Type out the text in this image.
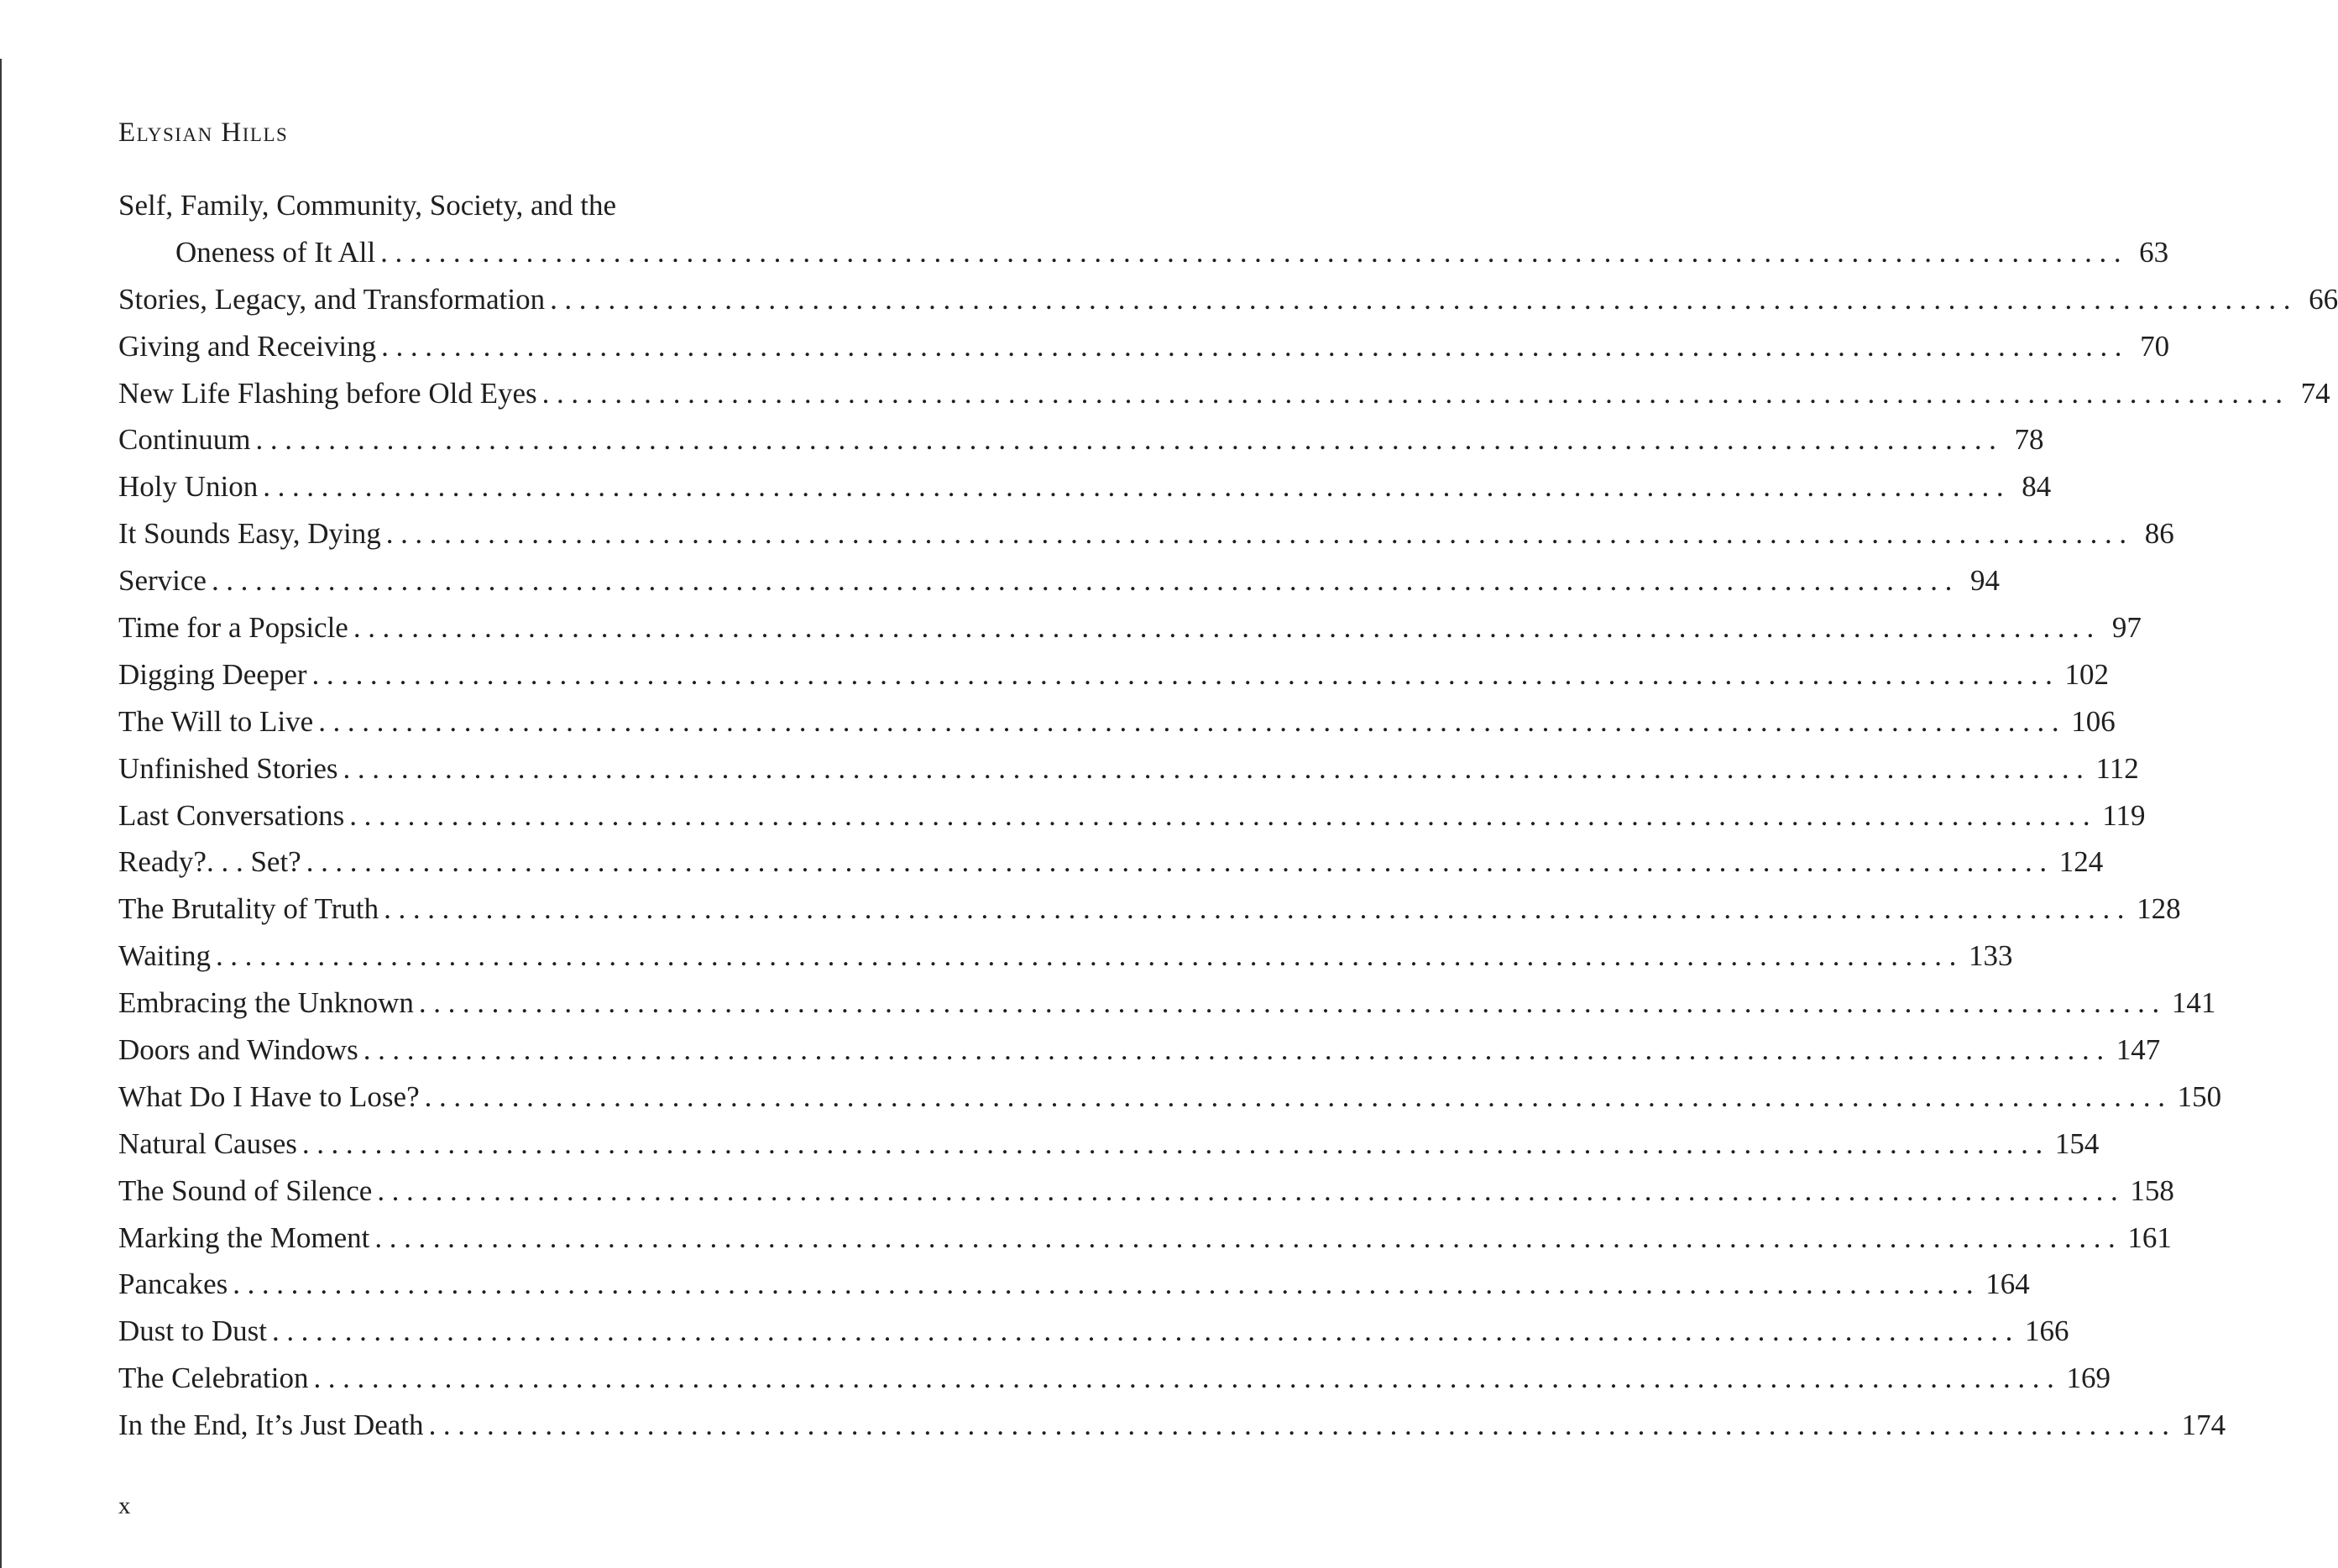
Elysian Hills
Self, Family, Community, Society, and the
Oneness of It All ........................................................................................................................ 63
Stories, Legacy, and Transformation ........................................................................................................................ 66
Giving and Receiving ........................................................................................................................ 70
New Life Flashing before Old Eyes ........................................................................................................................ 74
Continuum ........................................................................................................................ 78
Holy Union ........................................................................................................................ 84
It Sounds Easy, Dying ........................................................................................................................ 86
Service ........................................................................................................................ 94
Time for a Popsicle ........................................................................................................................ 97
Digging Deeper ........................................................................................................................ 102
The Will to Live ........................................................................................................................ 106
Unfinished Stories ........................................................................................................................ 112
Last Conversations ........................................................................................................................ 119
Ready?. . . Set? ........................................................................................................................ 124
The Brutality of Truth ........................................................................................................................ 128
Waiting ........................................................................................................................ 133
Embracing the Unknown ........................................................................................................................ 141
Doors and Windows ........................................................................................................................ 147
What Do I Have to Lose? ........................................................................................................................ 150
Natural Causes ........................................................................................................................ 154
The Sound of Silence ........................................................................................................................ 158
Marking the Moment ........................................................................................................................ 161
Pancakes ........................................................................................................................ 164
Dust to Dust ........................................................................................................................ 166
The Celebration ........................................................................................................................ 169
In the End, It’s Just Death ........................................................................................................................ 174

x
